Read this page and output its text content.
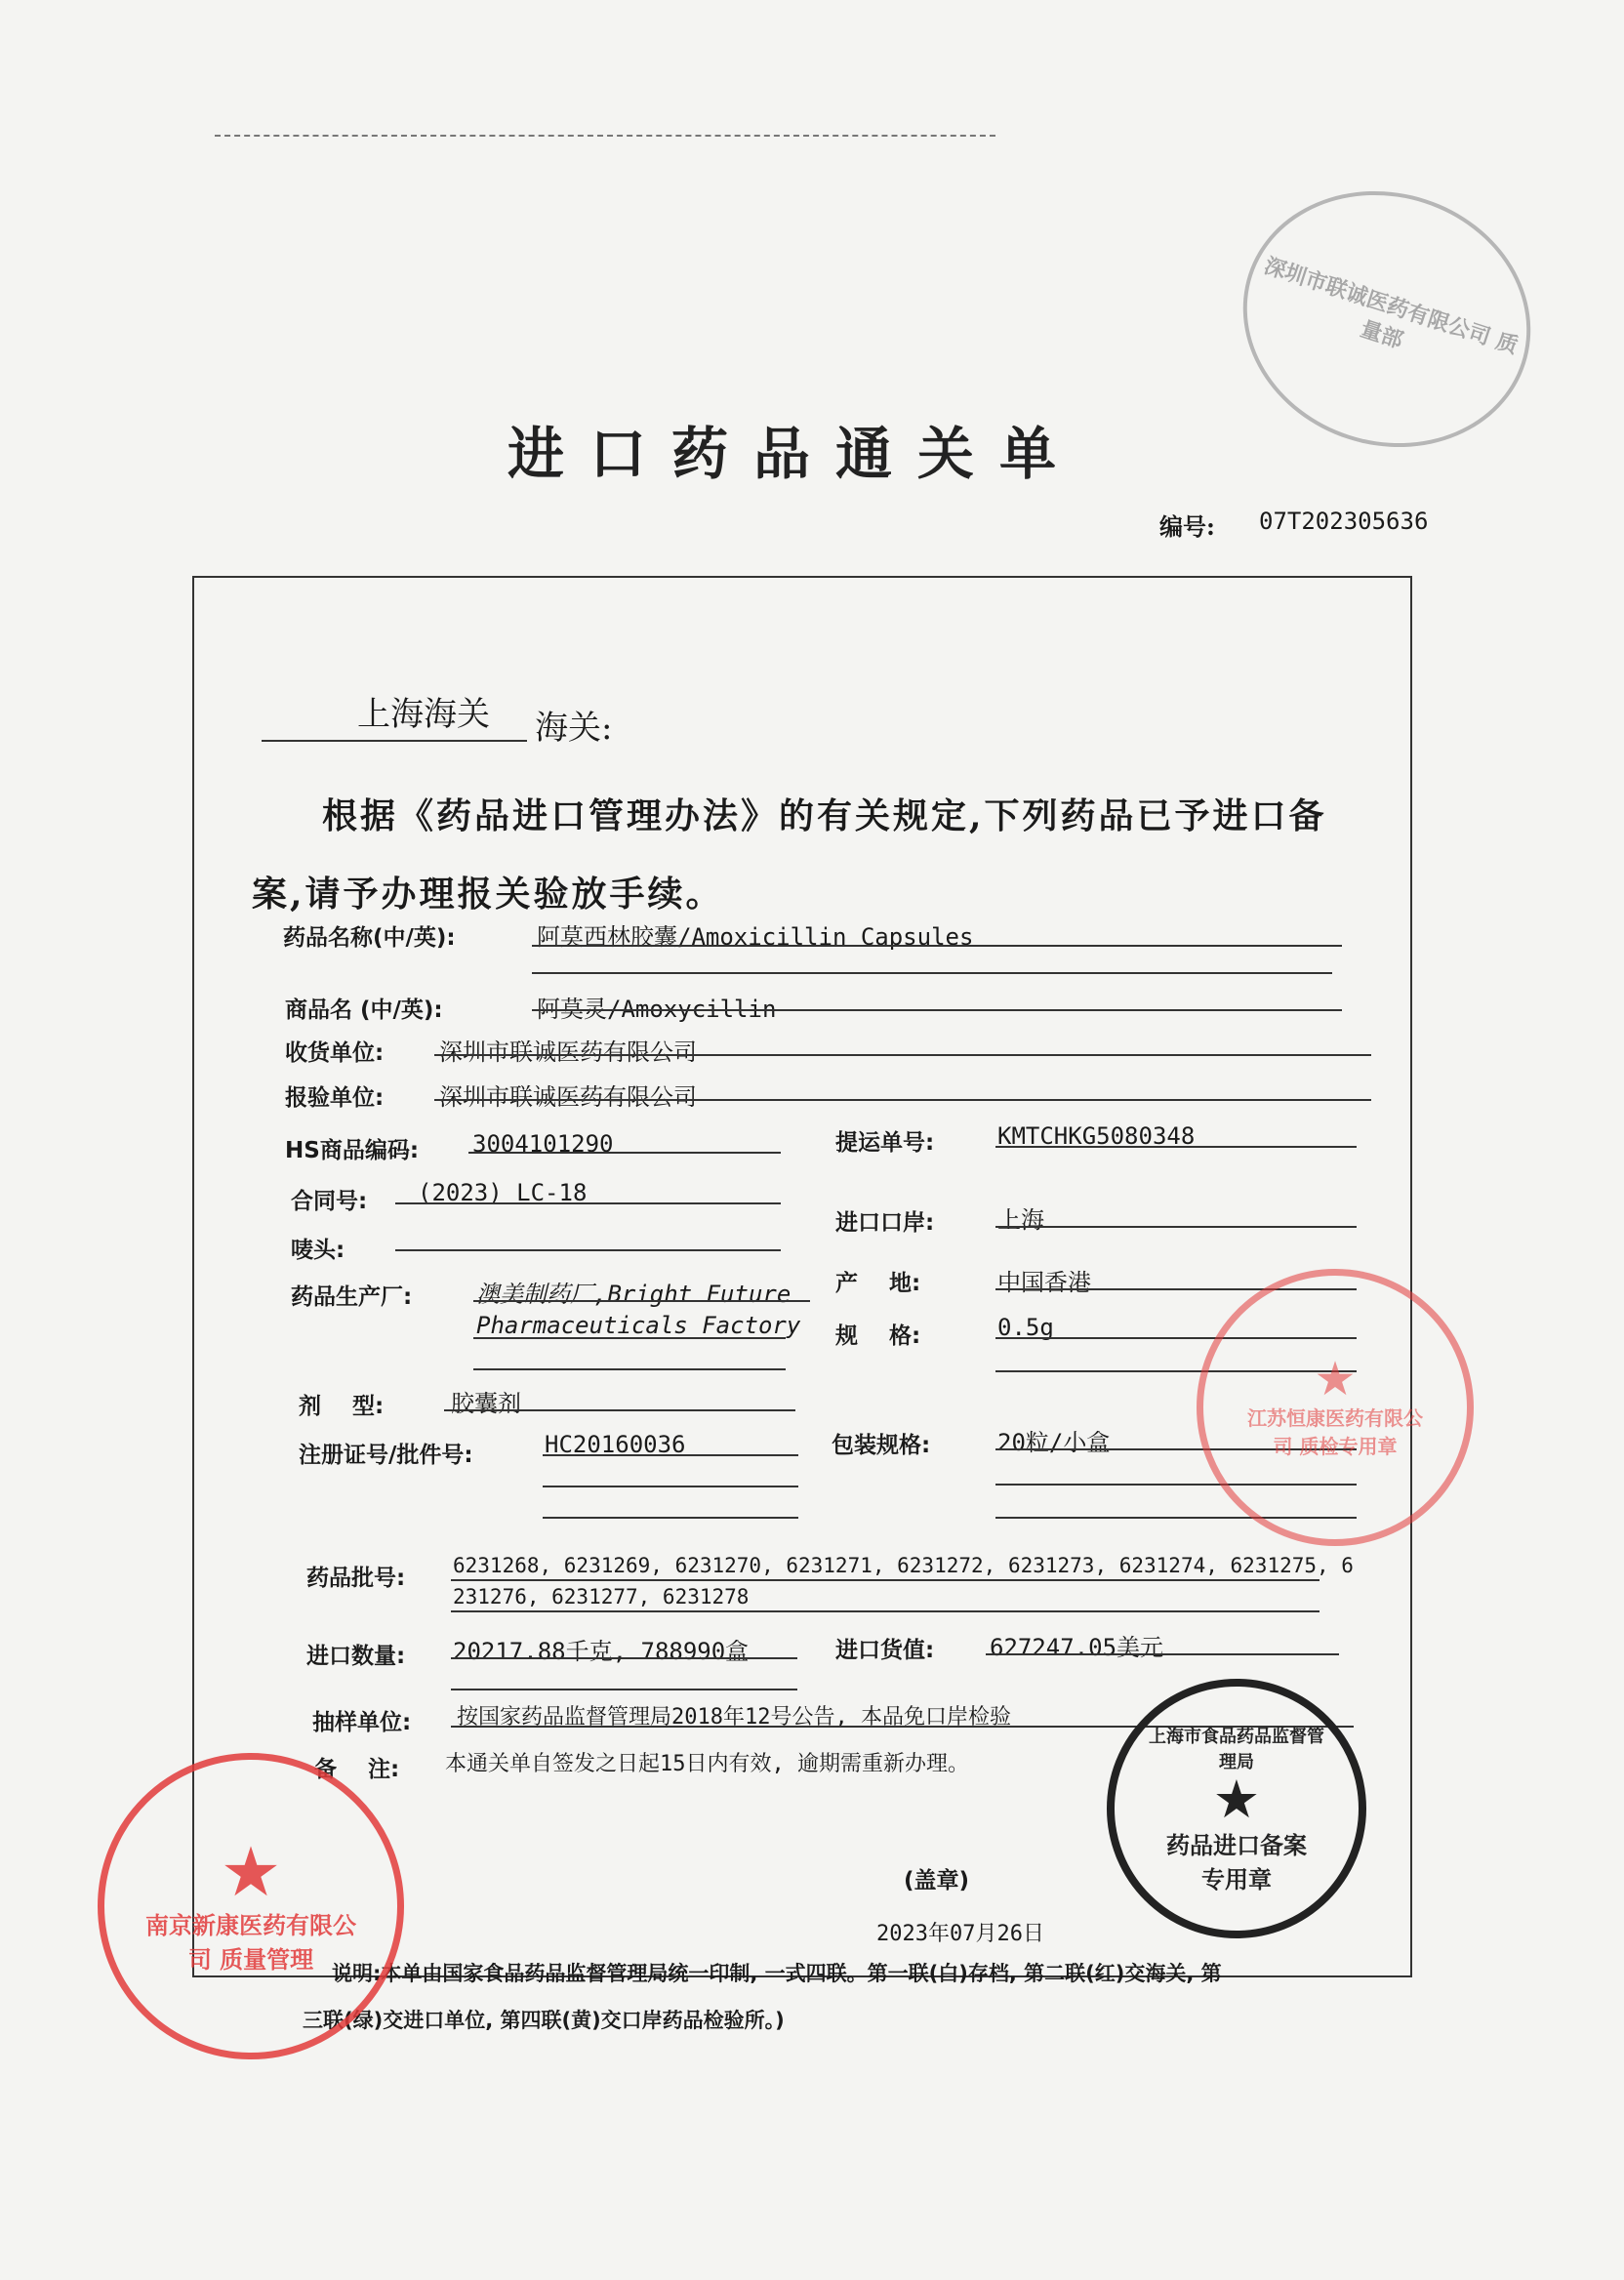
深圳市联诚医药有限公司 质量部
进口药品通关单
编号: 07T202305636
上海海关 海关:
根据《药品进口管理办法》的有关规定,下列药品已予进口备
案,请予办理报关验放手续。
药品名称(中/英):	阿莫西林胶囊/Amoxicillin Capsules
商品名 (中/英):	阿莫灵/Amoxycillin
收货单位: 深圳市联诚医药有限公司
报验单位: 深圳市联诚医药有限公司
HS商品编码: 3004101290	提运单号:	KMTCHKG5080348
合同号: (2023) LC-18
进口口岸:	上海
唛头:
药品生产厂:	澳美制药厂,Bright Future
Pharmaceuticals Factory
产    地:	中国香港
规    格:	0.5g
剂    型:	胶囊剂
注册证号/批件号:	HC20160036	包装规格:	20粒/小盒
药品批号: 6231268, 6231269, 6231270, 6231271, 6231272, 6231273, 6231274, 6231275, 6
231276, 6231277, 6231278
进口数量: 20217.88千克, 788990盒	进口货值: 627247.05美元
抽样单位: 按国家药品监督管理局2018年12号公告, 本品免口岸检验
备    注: 本通关单自签发之日起15日内有效, 逾期需重新办理。
(盖章)
2023年07月26日
说明:本单由国家食品药品监督管理局统一印制, 一式四联。第一联(白)存档, 第二联(红)交海关, 第
三联(绿)交进口单位, 第四联(黄)交口岸药品检验所。)
★
江苏恒康医药有限公司 质检专用章
上海市食品药品监督管理局
★
药品进口备案专用章
★
南京新康医药有限公司 质量管理
